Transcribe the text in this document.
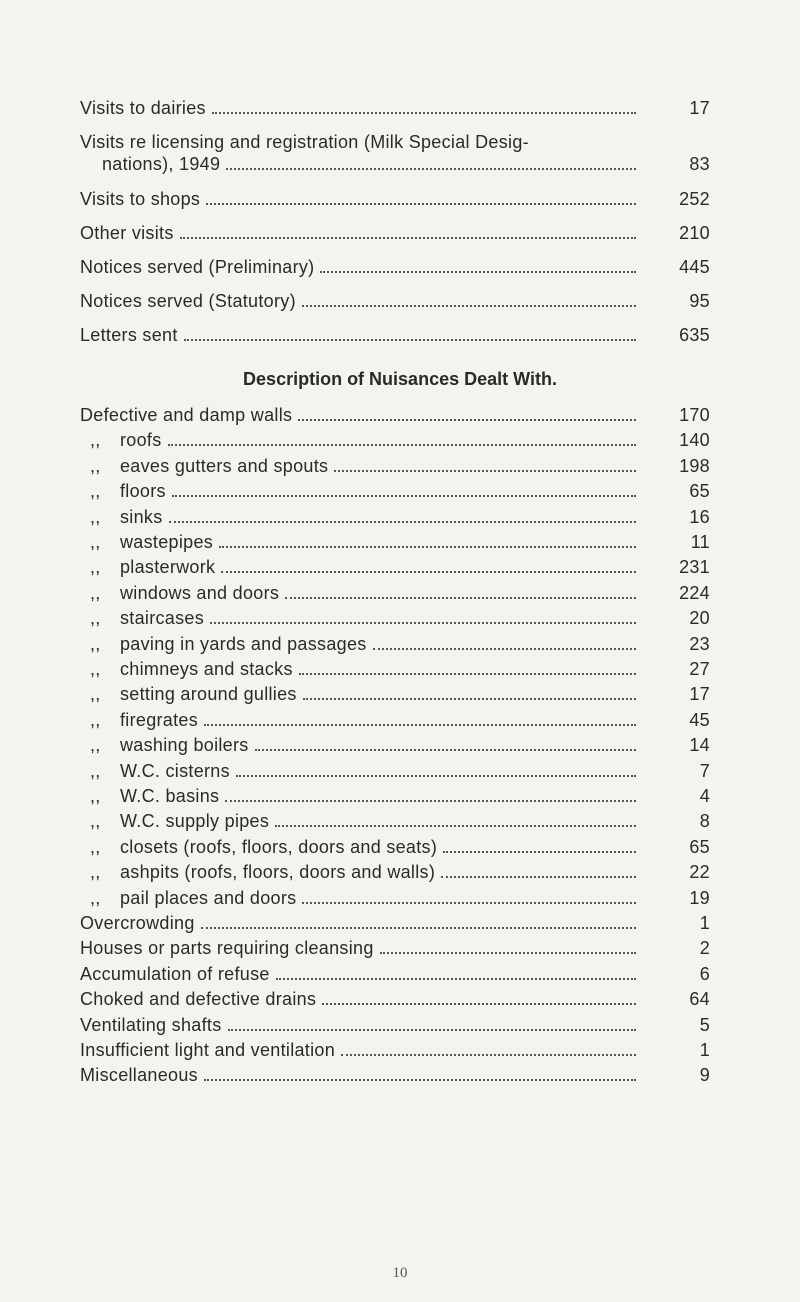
Visits to dairies	17
Visits re licensing and registration (Milk Special Desig-
nations), 1949	83
Visits to shops	252
Other visits	210
Notices served (Preliminary)	445
Notices served (Statutory)	95
Letters sent	635
Description of Nuisances Dealt With.
Defective and damp walls	170
,,	roofs	140
,,	eaves gutters and spouts	198
,,	floors	65
,,	sinks	16
,,	wastepipes	11
,,	plasterwork	231
,,	windows and doors	224
,,	staircases	20
,,	paving in yards and passages	23
,,	chimneys and stacks	27
,,	setting around gullies	17
,,	firegrates	45
,,	washing boilers	14
,,	W.C. cisterns	7
,,	W.C. basins	4
,,	W.C. supply pipes	8
,,	closets (roofs, floors, doors and seats)	65
,,	ashpits (roofs, floors, doors and walls)	22
,,	pail places and doors	19
Overcrowding	1
Houses or parts requiring cleansing	2
Accumulation of refuse	6
Choked and defective drains	64
Ventilating shafts	5
Insufficient light and ventilation	1
Miscellaneous	9
10
